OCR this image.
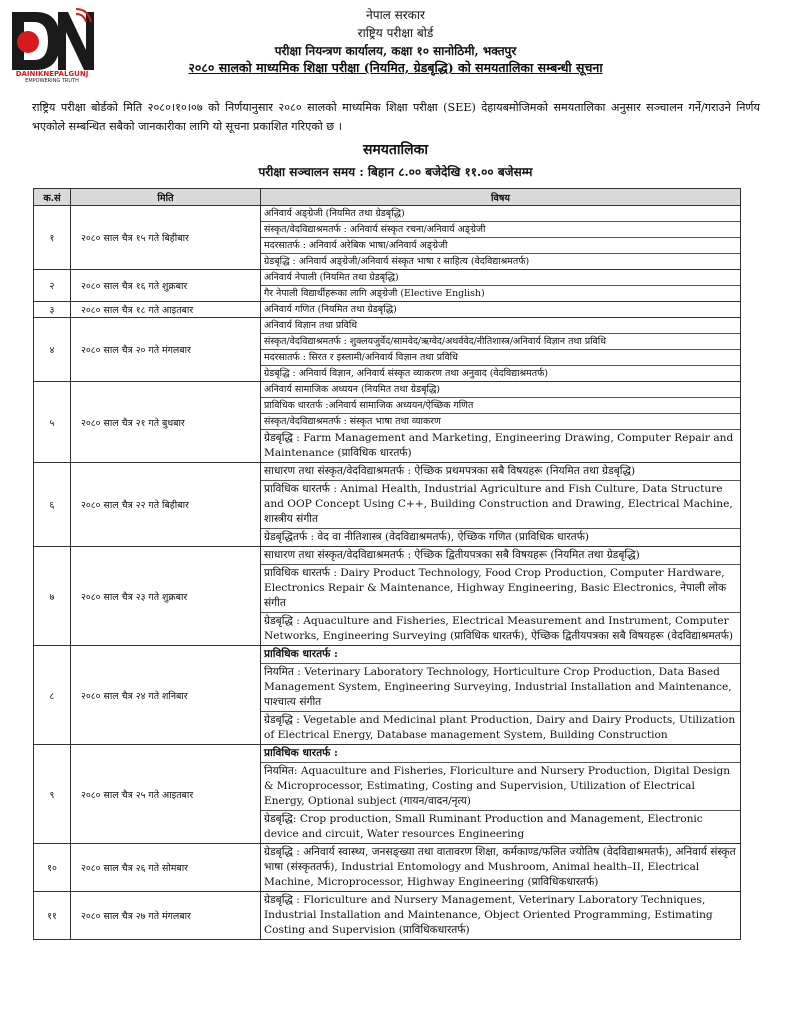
DAINIKNEPALGUNJ
EMPOWERING TRUTH
नेपाल सरकार
राष्ट्रिय परीक्षा बोर्ड
परीक्षा नियन्त्रण कार्यालय, कक्षा १० सानोठिमी, भक्तपुर
२०८० सालको माध्यमिक शिक्षा परीक्षा (नियमित, ग्रेडबृद्धि) को समयतालिका सम्बन्धी सूचना
राष्ट्रिय परीक्षा बोर्डको मिति २०८०।१०।०७ को निर्णयानुसार २०८० सालको माध्यमिक शिक्षा परीक्षा (SEE) देहायबमोजिमको समयतालिका अनुसार सञ्चालन गर्ने/गराउने निर्णय भएकोले सम्बन्धित सबैको जानकारीका लागि यो सूचना प्रकाशित गरिएको छ ।
समयतालिका
परीक्षा सञ्चालन समय : बिहान ८.०० बजेदेखि ११.०० बजेसम्म
क.सं	मिति	विषय
१	२०८० साल चैत्र १५ गते बिहीबार	अनिवार्य अङ्ग्रेजी (नियमित तथा ग्रेडबृद्धि)
संस्कृत/वेदविद्याश्रमतर्फ : अनिवार्य संस्कृत रचना/अनिवार्य अङ्ग्रेजी
मदरसातर्फ : अनिवार्य अरेबिक भाषा/अनिवार्य अङ्ग्रेजी
ग्रेडबृद्धि : अनिवार्य अङ्ग्रेजी/अनिवार्य संस्कृत भाषा र साहित्य (वेदविद्याश्रमतर्फ)

२	२०८० साल चैत्र १६ गते शुक्रबार	अनिवार्य नेपाली (नियमित तथा ग्रेडबृद्धि)
गैर नेपाली विद्यार्थीहरूका लागि अङ्ग्रेजी (Elective English)

३	२०८० साल चैत्र १८ गते आइतबार	अनिवार्य गणित (नियमित तथा ग्रेडबृद्धि)

४	२०८० साल चैत्र २० गते मंगलबार	अनिवार्य विज्ञान तथा प्रविधि
संस्कृत/वेदविद्याश्रमतर्फ : शुक्लयजुर्वेद/सामवेद/ऋग्वेद/अथर्ववेद/नीतिशास्त्र/अनिवार्य विज्ञान तथा प्रविधि
मदरसातर्फ : सिरत र इस्लामी/अनिवार्य विज्ञान तथा प्रविधि
ग्रेडबृद्धि : अनिवार्य विज्ञान, अनिवार्य संस्कृत व्याकरण तथा अनुवाद (वेदविद्याश्रमतर्फ)

५	२०८० साल चैत्र २१ गते बुधबार	अनिवार्य सामाजिक अध्ययन (नियमित तथा ग्रेडबृद्धि)
प्राविधिक धारतर्फ :अनिवार्य सामाजिक अध्ययन/ऐच्छिक गणित
संस्कृत/वेदविद्याश्रमतर्फ : संस्कृत भाषा तथा व्याकरण
ग्रेडबृद्धि : Farm Management and Marketing, Engineering Drawing, Computer Repair and Maintenance (प्राविधिक धारतर्फ)

६	२०८० साल चैत्र २२ गते बिहीबार	साधारण तथा संस्कृत/वेदविद्याश्रमतर्फ : ऐच्छिक प्रथमपत्रका सबै विषयहरू (नियमित तथा ग्रेडबृद्धि)
प्राविधिक धारतर्फ : Animal Health, Industrial Agriculture and Fish Culture, Data Structure and OOP Concept Using C++, Building Construction and Drawing, Electrical Machine, शास्त्रीय संगीत
ग्रेडबृद्धितर्फ : वेद वा नीतिशास्त्र (वेदविद्याश्रमतर्फ), ऐच्छिक गणित (प्राविधिक धारतर्फ)

७	२०८० साल चैत्र २३ गते शुक्रबार	साधारण तथा संस्कृत/वेदविद्याश्रमतर्फ : ऐच्छिक द्वितीयपत्रका सबै विषयहरू (नियमित तथा ग्रेडबृद्धि)
प्राविधिक धारतर्फ : Dairy Product Technology, Food Crop Production, Computer Hardware, Electronics Repair & Maintenance, Highway Engineering, Basic Electronics, नेपाली लोक संगीत
ग्रेडबृद्धि : Aquaculture and Fisheries, Electrical Measurement and Instrument, Computer Networks, Engineering Surveying (प्राविधिक धारतर्फ), ऐच्छिक द्वितीयपत्रका सबै विषयहरू (वेदविद्याश्रमतर्फ)

८	२०८० साल चैत्र २४ गते शनिबार	प्राविधिक धारतर्फ :
नियमित : Veterinary Laboratory Technology, Horticulture Crop Production, Data Based Management System, Engineering Surveying, Industrial Installation and Maintenance, पाश्चात्य संगीत
ग्रेडबृद्धि : Vegetable and Medicinal plant Production, Dairy and Dairy Products, Utilization of Electrical Energy, Database management System, Building Construction

९	२०८० साल चैत्र २५ गते आइतबार	प्राविधिक धारतर्फ :
नियमित: Aquaculture and Fisheries, Floriculture and Nursery Production, Digital Design & Microprocessor, Estimating, Costing and Supervision, Utilization of Electrical Energy, Optional subject (गायन/वादन/नृत्य)
ग्रेडबृद्धि: Crop production, Small Ruminant Production and Management, Electronic device and circuit, Water resources Engineering

१०	२०८० साल चैत्र २६ गते सोमबार	ग्रेडबृद्धि : अनिवार्य स्वास्थ्य, जनसङ्ख्या तथा वातावरण शिक्षा, कर्मकाण्ड/फलित ज्योतिष (वेदविद्याश्रमतर्फ), अनिवार्य संस्कृत भाषा (संस्कृततर्फ), Industrial Entomology and Mushroom, Animal health–II, Electrical Machine, Microprocessor, Highway Engineering (प्राविधिकधारतर्फ)

११	२०८० साल चैत्र २७ गते मंगलबार	ग्रेडबृद्धि : Floriculture and Nursery Management, Veterinary Laboratory Techniques, Industrial Installation and Maintenance, Object Oriented Programming, Estimating Costing and Supervision (प्राविधिकधारतर्फ)
